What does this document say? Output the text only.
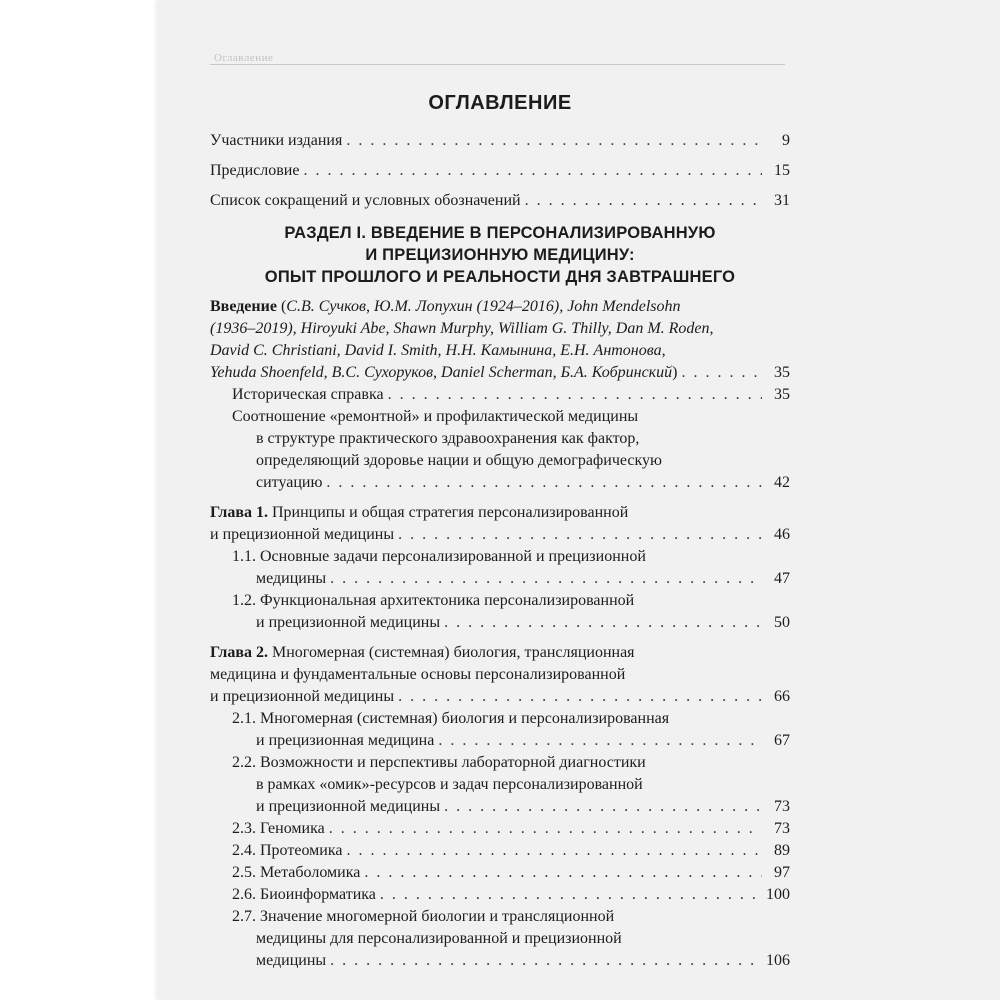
Оглавление
ОГЛАВЛЕНИЕ
Участники издания . . .	9
Предисловие . . .	15
Список сокращений и условных обозначений . . .	31
РАЗДЕЛ I. ВВЕДЕНИЕ В ПЕРСОНАЛИЗИРОВАННУЮ
И ПРЕЦИЗИОННУЮ МЕДИЦИНУ:
ОПЫТ ПРОШЛОГО И РЕАЛЬНОСТИ ДНЯ ЗАВТРАШНЕГО
Введение (С.В. Сучков, Ю.М. Лопухин (1924–2016), John Mendelsohn
(1936–2019), Hiroyuki Abe, Shawn Murphy, William G. Thilly, Dan M. Roden,
David C. Christiani, David I. Smith, Н.Н. Камынина, Е.Н. Антонова,
Yehuda Shoenfeld, В.С. Сухоруков, Daniel Scherman, Б.А. Кобринский) . . .	35
Историческая справка . . .	35
Соотношение «ремонтной» и профилактической медицины
в структуре практического здравоохранения как фактор,
определяющий здоровье нации и общую демографическую
ситуацию . . .	42
Глава 1. Принципы и общая стратегия персонализированной
и прецизионной медицины . . .	46
1.1. Основные задачи персонализированной и прецизионной
медицины . . .	47
1.2. Функциональная архитектоника персонализированной
и прецизионной медицины . . .	50
Глава 2. Многомерная (системная) биология, трансляционная
медицина и фундаментальные основы персонализированной
и прецизионной медицины . . .	66
2.1. Многомерная (системная) биология и персонализированная
и прецизионная медицина . . .	67
2.2. Возможности и перспективы лабораторной диагностики
в рамках «омик»-ресурсов и задач персонализированной
и прецизионной медицины . . .	73
2.3. Геномика . . .	73
2.4. Протеомика . . .	89
2.5. Метаболомика . . .	97
2.6. Биоинформатика . . .	100
2.7. Значение многомерной биологии и трансляционной
медицины для персонализированной и прецизионной
медицины . . .	106
